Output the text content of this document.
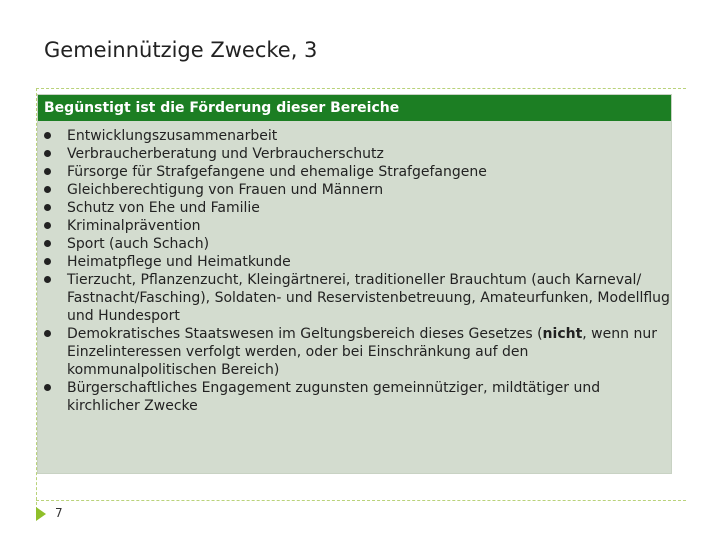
Gemeinnützige Zwecke, 3
Begünstigt ist die Förderung dieser Bereiche
Entwicklungszusammenarbeit
Verbraucherberatung und Verbraucherschutz
Fürsorge für Strafgefangene und ehemalige Strafgefangene
Gleichberechtigung von Frauen und Männern
Schutz von Ehe und Familie
Kriminalprävention
Sport (auch Schach)
Heimatpflege und Heimatkunde
Tierzucht, Pflanzenzucht, Kleingärtnerei, traditioneller Brauchtum (auch Karneval/ Fastnacht/Fasching), Soldaten- und Reservistenbetreuung, Amateurfunken, Modellflug und Hundesport
Demokratisches Staatswesen im Geltungsbereich dieses Gesetzes (nicht, wenn nur Einzelinteressen verfolgt werden, oder bei Einschränkung auf den kommunalpolitischen Bereich)
Bürgerschaftliches Engagement zugunsten gemeinnütziger, mildtätiger und kirchlicher Zwecke
7
